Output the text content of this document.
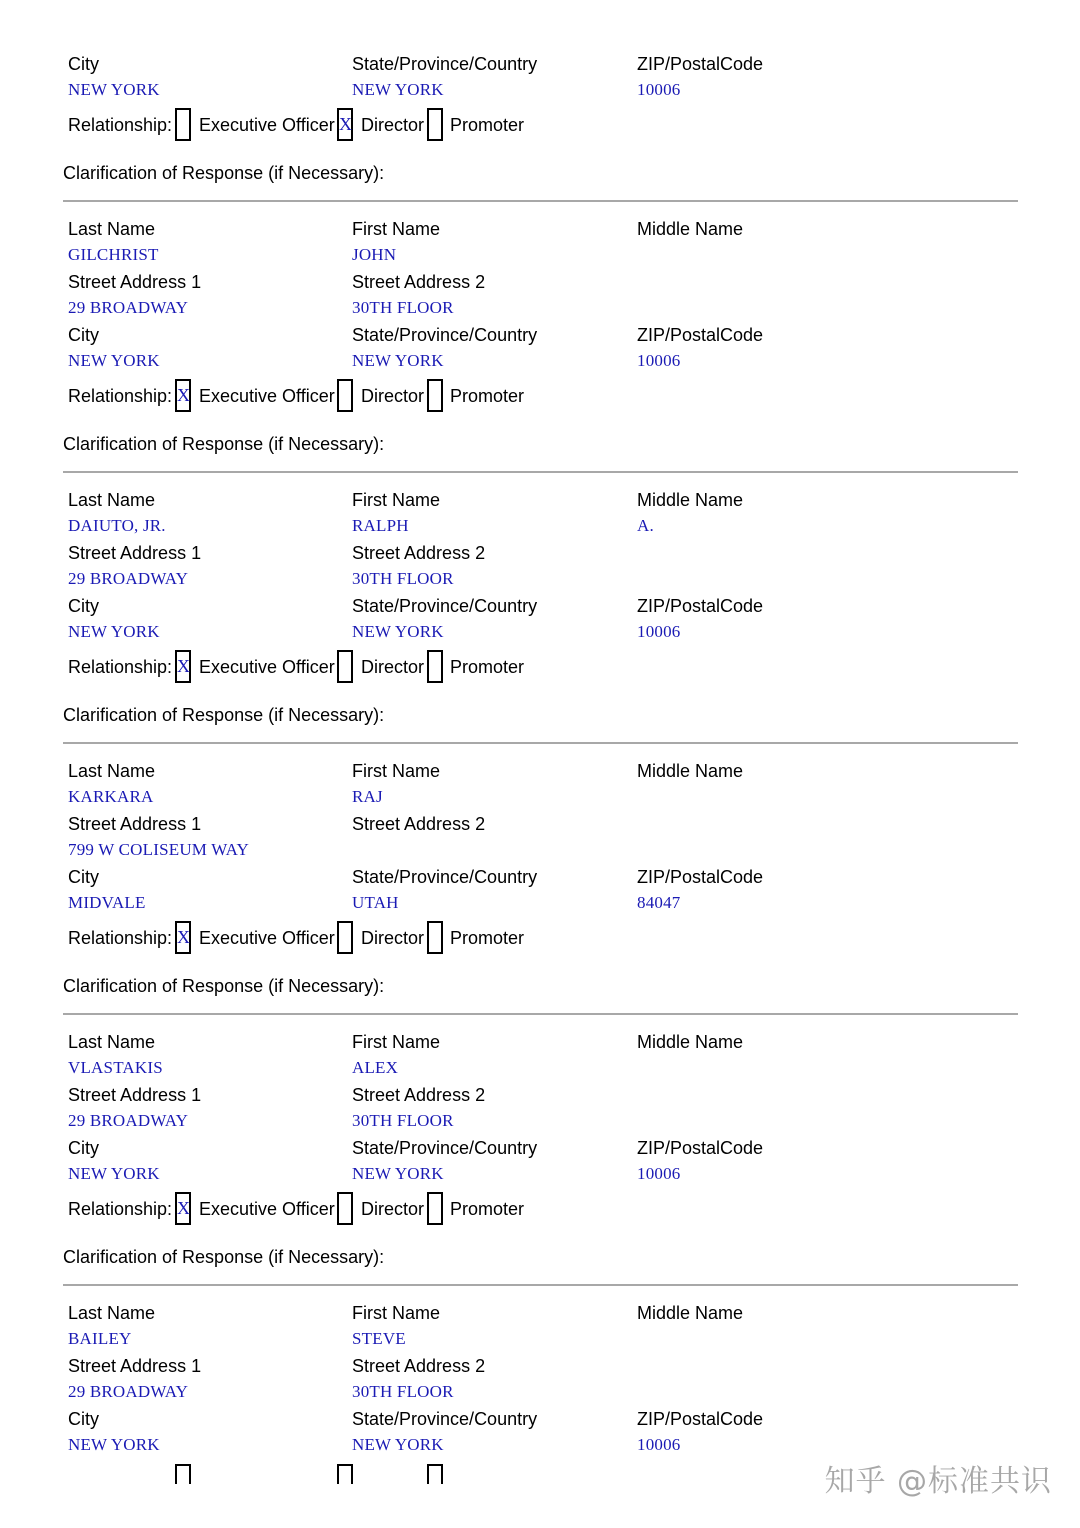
City	State/Province/Country	ZIP/PostalCode
NEW YORK	NEW YORK	10006
Relationship: Executive Officer X Director Promoter
Clarification of Response (if Necessary):
Last Name	First Name	Middle Name
GILCHRIST	JOHN
Street Address 1	Street Address 2
29 BROADWAY	30TH FLOOR
City	State/Province/Country	ZIP/PostalCode
NEW YORK	NEW YORK	10006
Relationship: X Executive Officer Director Promoter
Clarification of Response (if Necessary):
Last Name	First Name	Middle Name
DAIUTO, JR.	RALPH	A.
Street Address 1	Street Address 2
29 BROADWAY	30TH FLOOR
City	State/Province/Country	ZIP/PostalCode
NEW YORK	NEW YORK	10006
Relationship: X Executive Officer Director Promoter
Clarification of Response (if Necessary):
Last Name	First Name	Middle Name
KARKARA	RAJ
Street Address 1	Street Address 2
799 W COLISEUM WAY
City	State/Province/Country	ZIP/PostalCode
MIDVALE	UTAH	84047
Relationship: X Executive Officer Director Promoter
Clarification of Response (if Necessary):
Last Name	First Name	Middle Name
VLASTAKIS	ALEX
Street Address 1	Street Address 2
29 BROADWAY	30TH FLOOR
City	State/Province/Country	ZIP/PostalCode
NEW YORK	NEW YORK	10006
Relationship: X Executive Officer Director Promoter
Clarification of Response (if Necessary):
Last Name	First Name	Middle Name
BAILEY	STEVE
Street Address 1	Street Address 2
29 BROADWAY	30TH FLOOR
City	State/Province/Country	ZIP/PostalCode
NEW YORK	NEW YORK	10006
知乎 @标准共识
